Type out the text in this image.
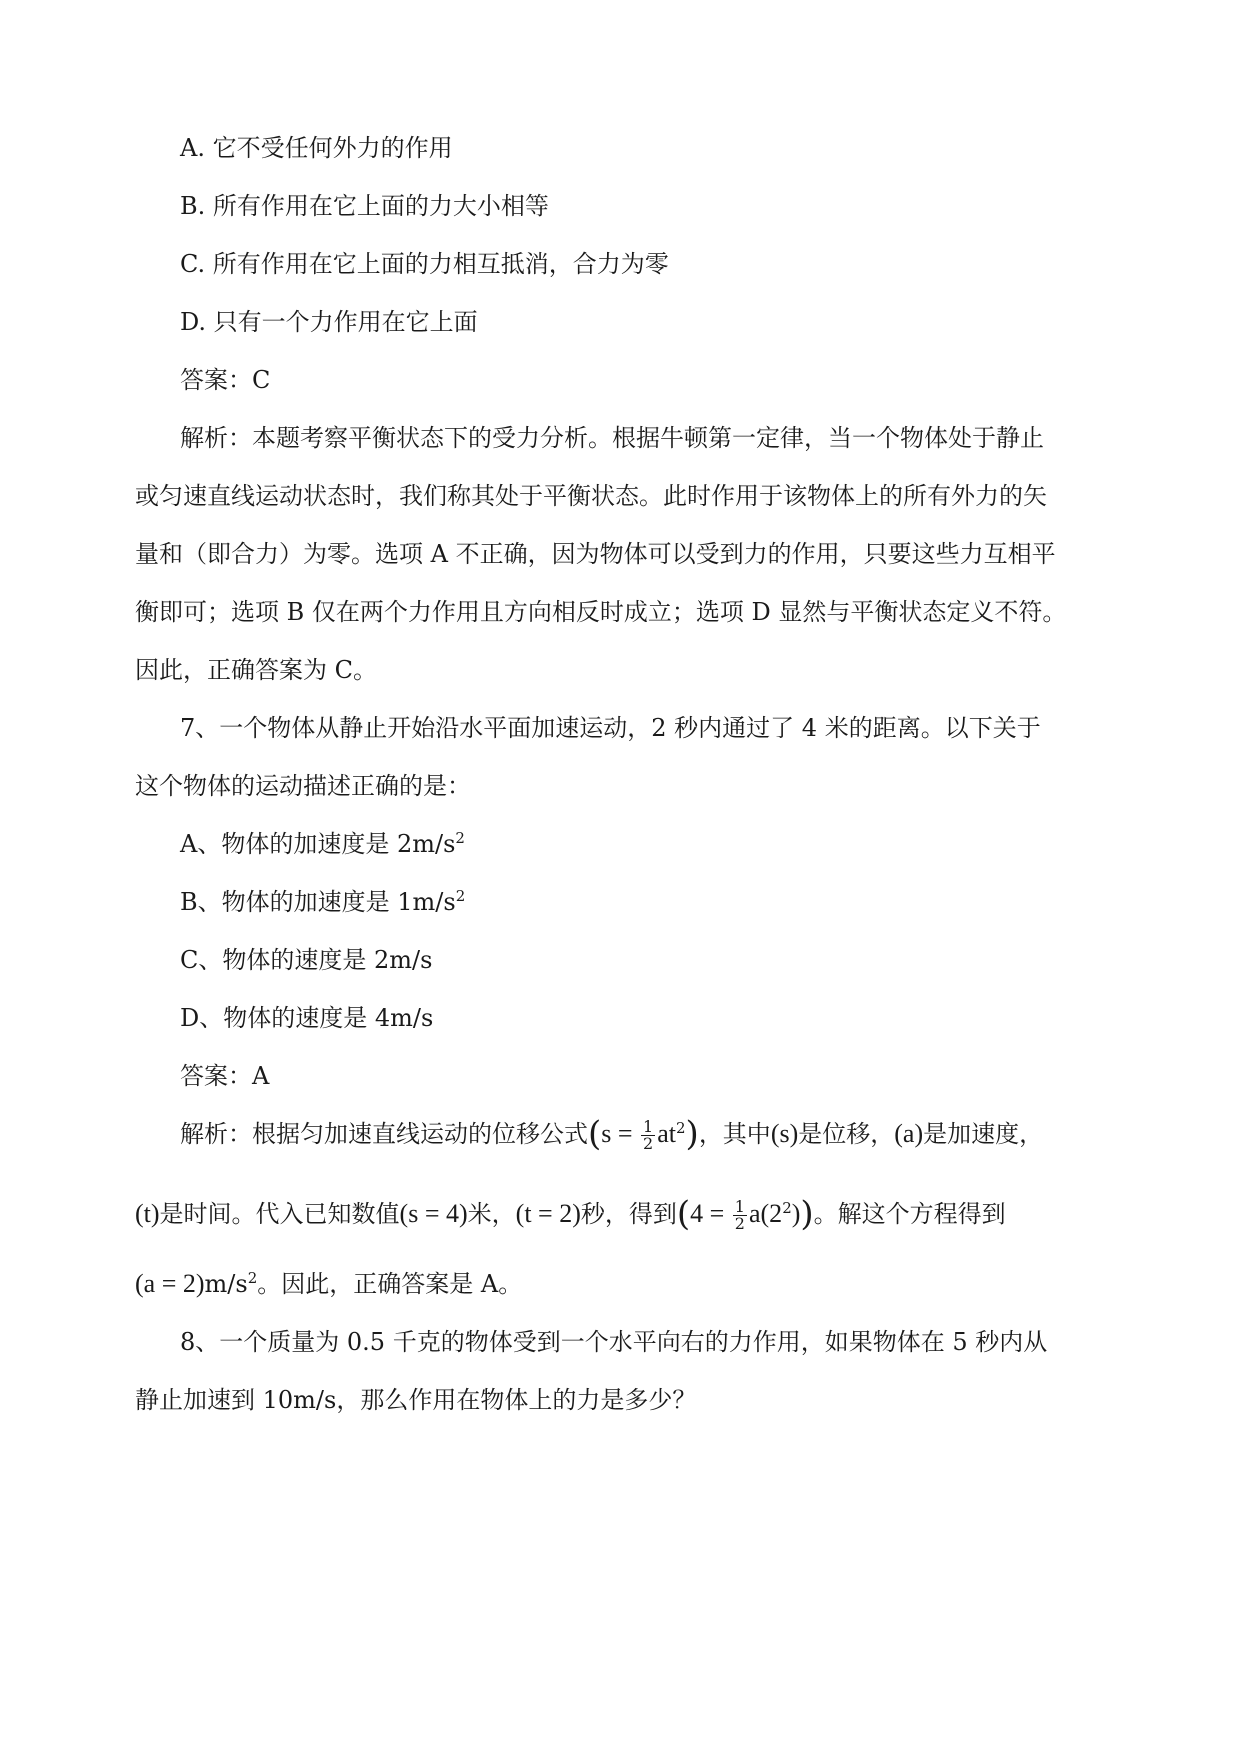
A. 它不受任何外力的作用
B. 所有作用在它上面的力大小相等
C. 所有作用在它上面的力相互抵消，合力为零
D. 只有一个力作用在它上面
答案：C
解析：本题考察平衡状态下的受力分析。根据牛顿第一定律，当一个物体处于静止
或匀速直线运动状态时，我们称其处于平衡状态。此时作用于该物体上的所有外力的矢
量和（即合力）为零。选项 A 不正确，因为物体可以受到力的作用，只要这些力互相平
衡即可；选项 B 仅在两个力作用且方向相反时成立；选项 D 显然与平衡状态定义不符。
因此，正确答案为 C。
7、一个物体从静止开始沿水平面加速运动，2 秒内通过了 4 米的距离。以下关于
这个物体的运动描述正确的是：
A、物体的加速度是 $2m/s^2$
B、物体的加速度是 $1m/s^2$
C、物体的速度是 2m/s
D、物体的速度是 4m/s
答案：A
解析：根据匀加速直线运动的位移公式$(s = \frac{1}{2} at^2)$，其中(s)是位移，(a)是加速度，
(t)是时间。代入已知数值(s = 4)米，(t = 2)秒，得到$(4 = \frac{1}{2} a(2^2))$。解这个方程得到
$(a = 2)m/s^2$。因此，正确答案是 A。
8、一个质量为 0.5 千克的物体受到一个水平向右的力作用，如果物体在 5 秒内从
静止加速到 10m/s，那么作用在物体上的力是多少？
